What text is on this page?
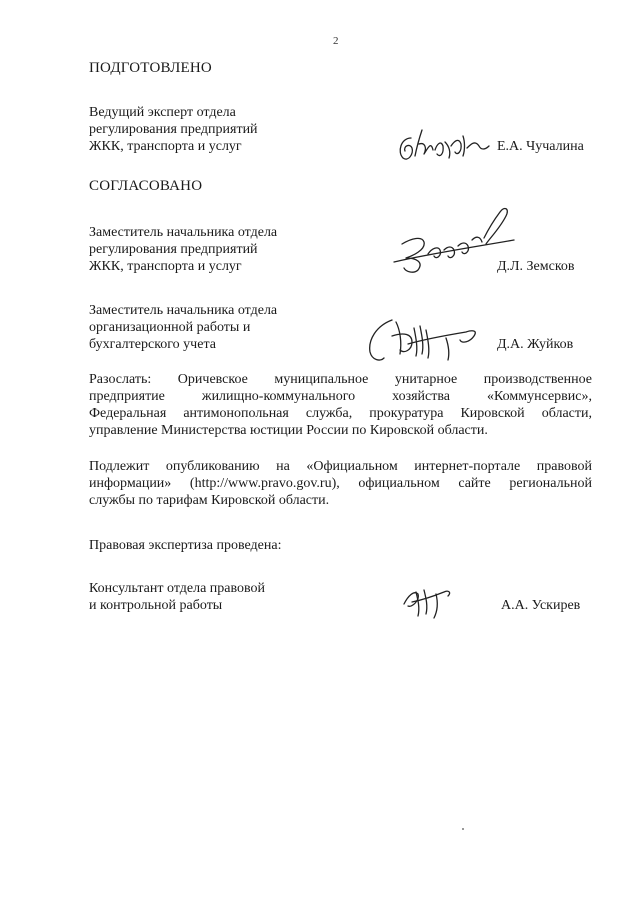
2
ПОДГОТОВЛЕНО
Ведущий эксперт отдела
регулирования предприятий
ЖКК, транспорта и услуг	Е.А. Чучалина
СОГЛАСОВАНО
Заместитель начальника отдела
регулирования предприятий
ЖКК, транспорта и услуг	Д.Л. Земсков
Заместитель начальника отдела
организационной работы и
бухгалтерского учета	Д.А. Жуйков
Разослать: Оричевское муниципальное унитарное производственное
предприятие жилищно-коммунального хозяйства «Коммунсервис»,
Федеральная антимонопольная служба, прокуратура Кировской области,
управление Министерства юстиции России по Кировской области.
Подлежит опубликованию на «Официальном интернет-портале правовой
информации» (http://www.pravo.gov.ru), официальном сайте региональной
службы по тарифам Кировской области.
Правовая экспертиза проведена:
Консультант отдела правовой
и контрольной работы	А.А. Ускирев
